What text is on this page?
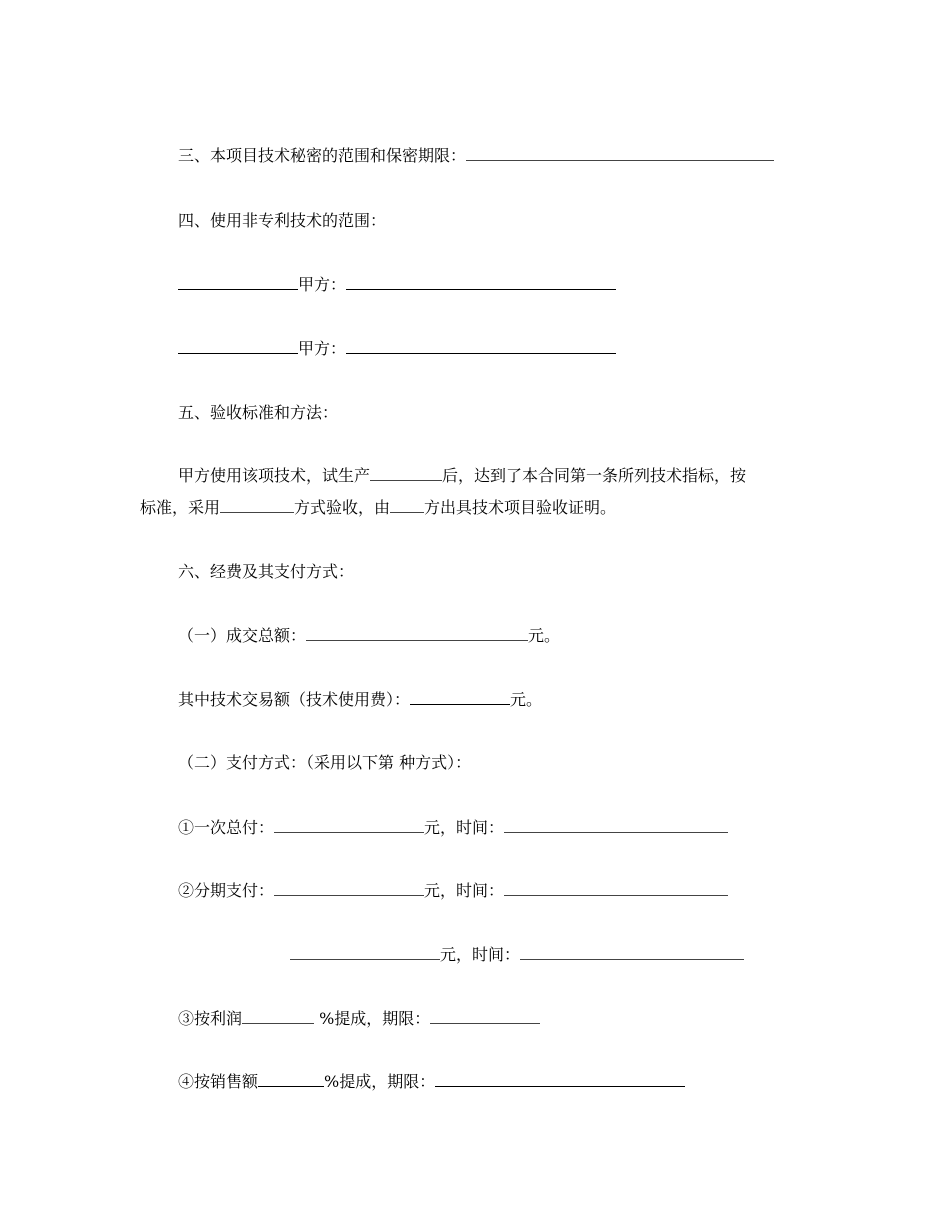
三、本项目技术秘密的范围和保密期限：
四、使用非专利技术的范围：
甲方：
甲方：
五、验收标准和方法：
甲方使用该项技术，试生产	后，达到了本合同第一条所列技术指标，按
标准，采用	方式验收，由 方出具技术项目验收证明。
六、经费及其支付方式：
（一）成交总额：	元。
其中技术交易额（技术使用费）：	元。
（二）支付方式：（采用以下第 种方式）：
①一次总付：	元，时间：
②分期支付：	元，时间：
元，时间：
③按利润	%提成，期限：
④按销售额	%提成，期限：
